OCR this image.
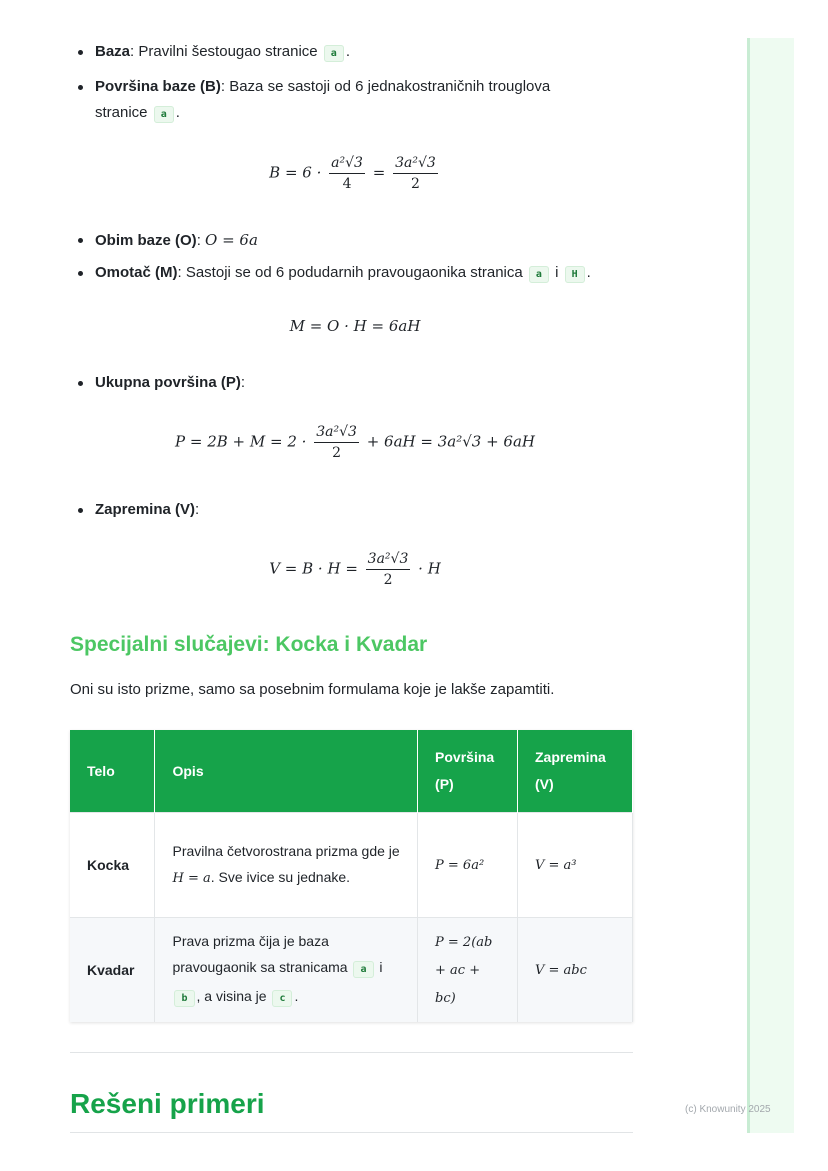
Baza: Pravilni šestougao stranice a .
Površina baze (B): Baza se sastoji od 6 jednakostraničnih trouglova
stranice a .
$B = 6 \cdot \frac{\text{a²√3}}{4} = \frac{\text{3a²√3}}{2}$
Obim baze (O): O = 6a
Omotač (M): Sastoji se od 6 podudarnih pravougaonika stranica a i H .
M = O · H = 6aH
Ukupna površina (P):
$P = 2B + M = 2 \cdot \frac{\text{3a²√3}}{2} + 6aH = 3a^2√3 + 6aH$
Zapremina (V):
$V = B \cdot H = \frac{\text{3a²√3}}{2} \cdot H$
Specijalni slučajevi: Kocka i Kvadar
Oni su isto prizme, samo sa posebnim formulama koje je lakše zapamtiti.
Telo	Opis	Površina (P)	Zapremina (V)
Kocka	Pravilna četvorostrana prizma gde je H = a. Sve ivice su jednake.	P = 6a²	V = a³
Kvadar	Prava prizma čija je baza pravougaonik sa stranicama a i b , a visina je c .	P = 2(ab + ac + bc)	V = abc
Rešeni primeri	(c) Knowunity 2025
